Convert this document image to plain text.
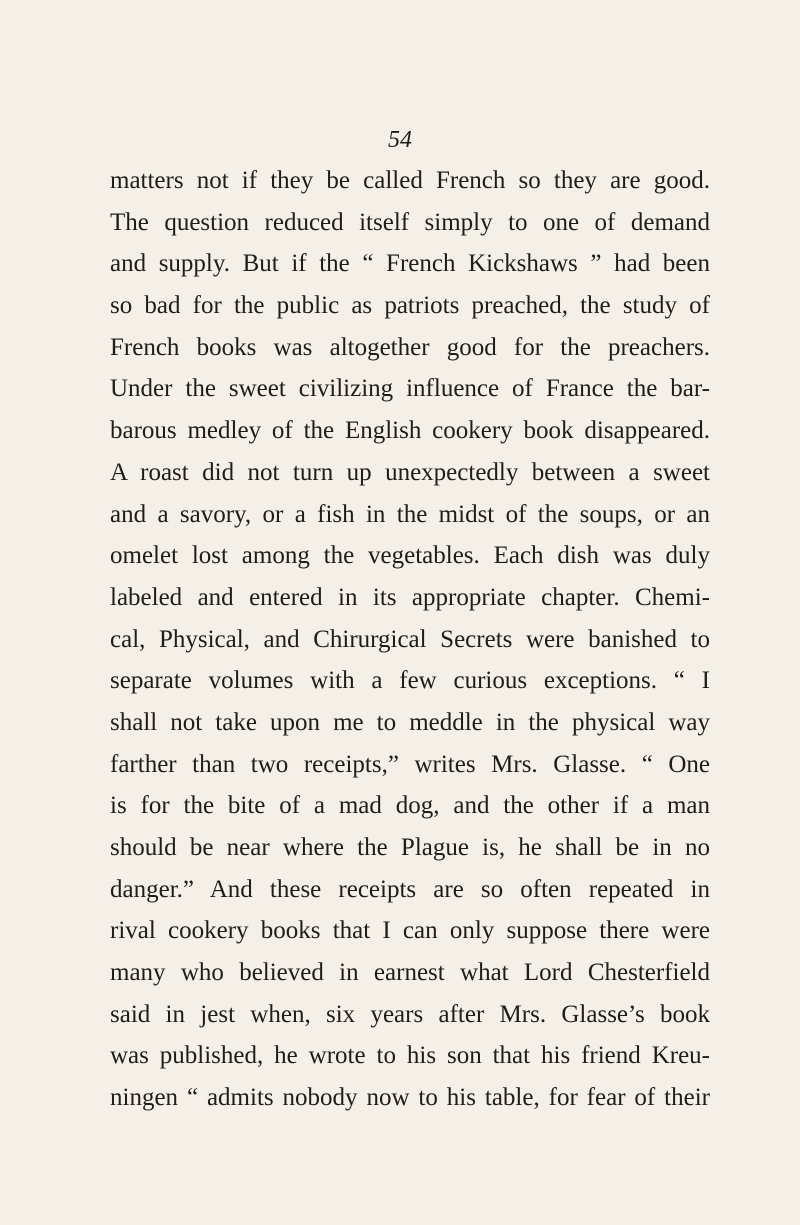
54
matters not if they be called French so they are good.
The question reduced itself simply to one of demand
and supply. But if the “ French Kickshaws ” had been
so bad for the public as patriots preached, the study of
French books was altogether good for the preachers.
Under the sweet civilizing influence of France the bar-
barous medley of the English cookery book disappeared.
A roast did not turn up unexpectedly between a sweet
and a savory, or a fish in the midst of the soups, or an
omelet lost among the vegetables. Each dish was duly
labeled and entered in its appropriate chapter. Chemi-
cal, Physical, and Chirurgical Secrets were banished to
separate volumes with a few curious exceptions. “ I
shall not take upon me to meddle in the physical way
farther than two receipts,” writes Mrs. Glasse. “ One
is for the bite of a mad dog, and the other if a man
should be near where the Plague is, he shall be in no
danger.” And these receipts are so often repeated in
rival cookery books that I can only suppose there were
many who believed in earnest what Lord Chesterfield
said in jest when, six years after Mrs. Glasse’s book
was published, he wrote to his son that his friend Kreu-
ningen “ admits nobody now to his table, for fear of their
